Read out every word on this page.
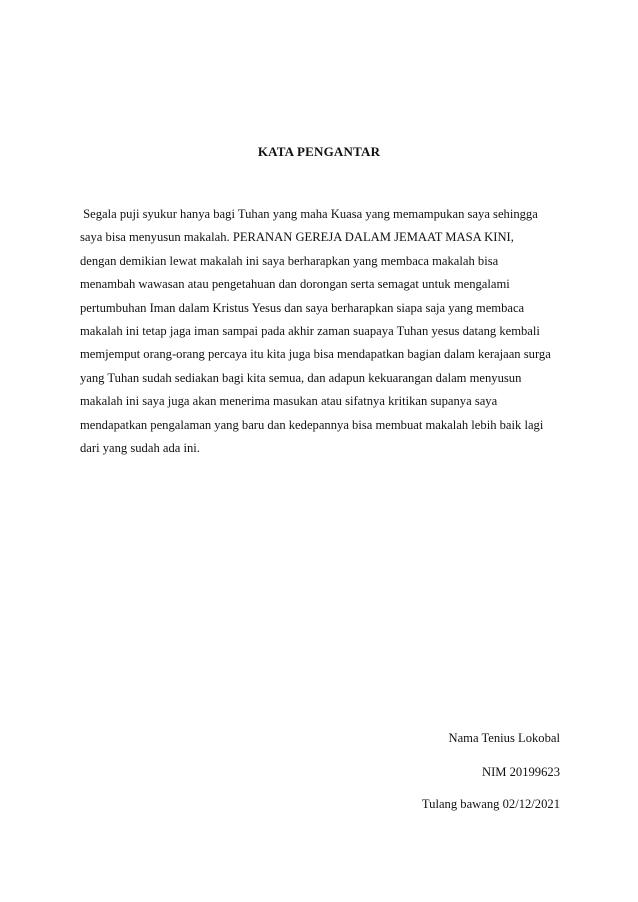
KATA PENGANTAR
Segala puji syukur hanya bagi Tuhan yang maha Kuasa yang memampukan saya sehingga
saya bisa menyusun makalah. PERANAN GEREJA DALAM JEMAAT MASA KINI,
dengan demikian lewat makalah ini saya berharapkan yang membaca makalah bisa
menambah wawasan atau pengetahuan dan dorongan serta semagat untuk mengalami
pertumbuhan Iman dalam Kristus Yesus dan saya berharapkan siapa saja yang membaca
makalah ini tetap jaga iman sampai pada akhir zaman suapaya Tuhan yesus datang kembali
memjemput orang-orang percaya itu kita juga bisa mendapatkan bagian dalam kerajaan surga
yang Tuhan sudah sediakan bagi kita semua, dan adapun kekuarangan dalam menyusun
makalah ini saya juga akan menerima masukan atau sifatnya kritikan supanya saya
mendapatkan pengalaman yang baru dan kedepannya bisa membuat makalah lebih baik lagi
dari yang sudah ada ini.
Nama Tenius Lokobal
NIM 20199623
Tulang bawang 02/12/2021
